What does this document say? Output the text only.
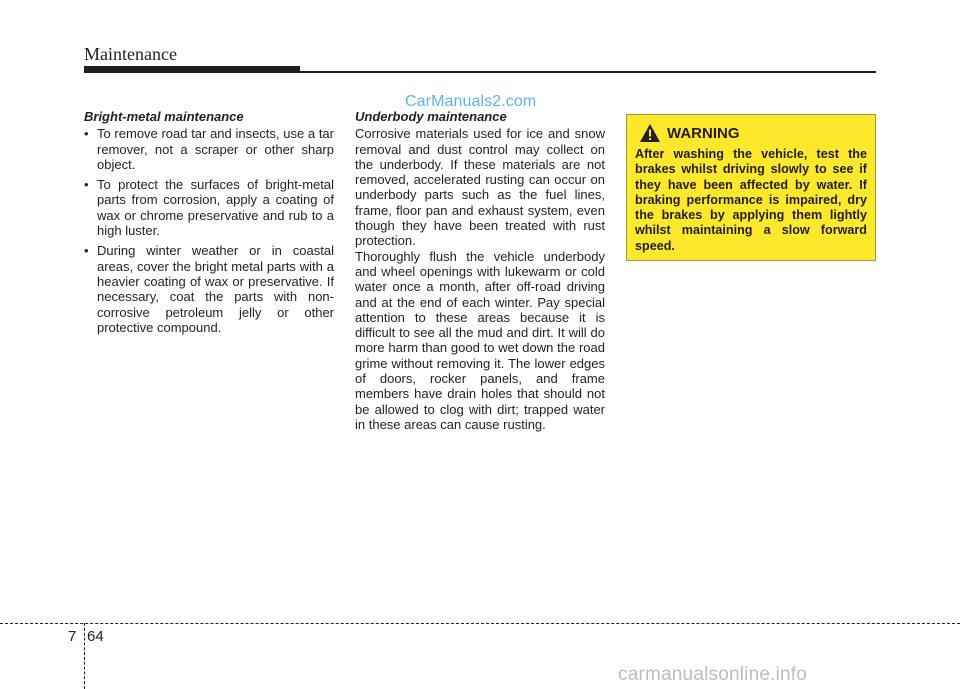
Maintenance
CarManuals2.com
Bright-metal maintenance
• To remove road tar and insects, use a tar remover, not a scraper or other sharp object.
• To protect the surfaces of bright-metal parts from corrosion, apply a coating of wax or chrome preservative and rub to a high luster.
• During winter weather or in coastal areas, cover the bright metal parts with a heavier coating of wax or preservative. If necessary, coat the parts with non-corrosive petroleum jelly or other protective compound.
Underbody maintenance

Corrosive materials used for ice and snow removal and dust control may collect on the underbody. If these materials are not removed, accelerated rusting can occur on underbody parts such as the fuel lines, frame, floor pan and exhaust system, even though they have been treated with rust protection.

Thoroughly flush the vehicle underbody and wheel openings with lukewarm or cold water once a month, after off-road driving and at the end of each winter. Pay special attention to these areas because it is difficult to see all the mud and dirt. It will do more harm than good to wet down the road grime without removing it. The lower edges of doors, rocker panels, and frame members have drain holes that should not be allowed to clog with dirt; trapped water in these areas can cause rusting.

WARNING

After washing the vehicle, test the brakes whilst driving slowly to see if they have been affected by water. If braking performance is impaired, dry the brakes by applying them lightly whilst maintaining a slow forward speed.

7 64
carmanualsonline.info
